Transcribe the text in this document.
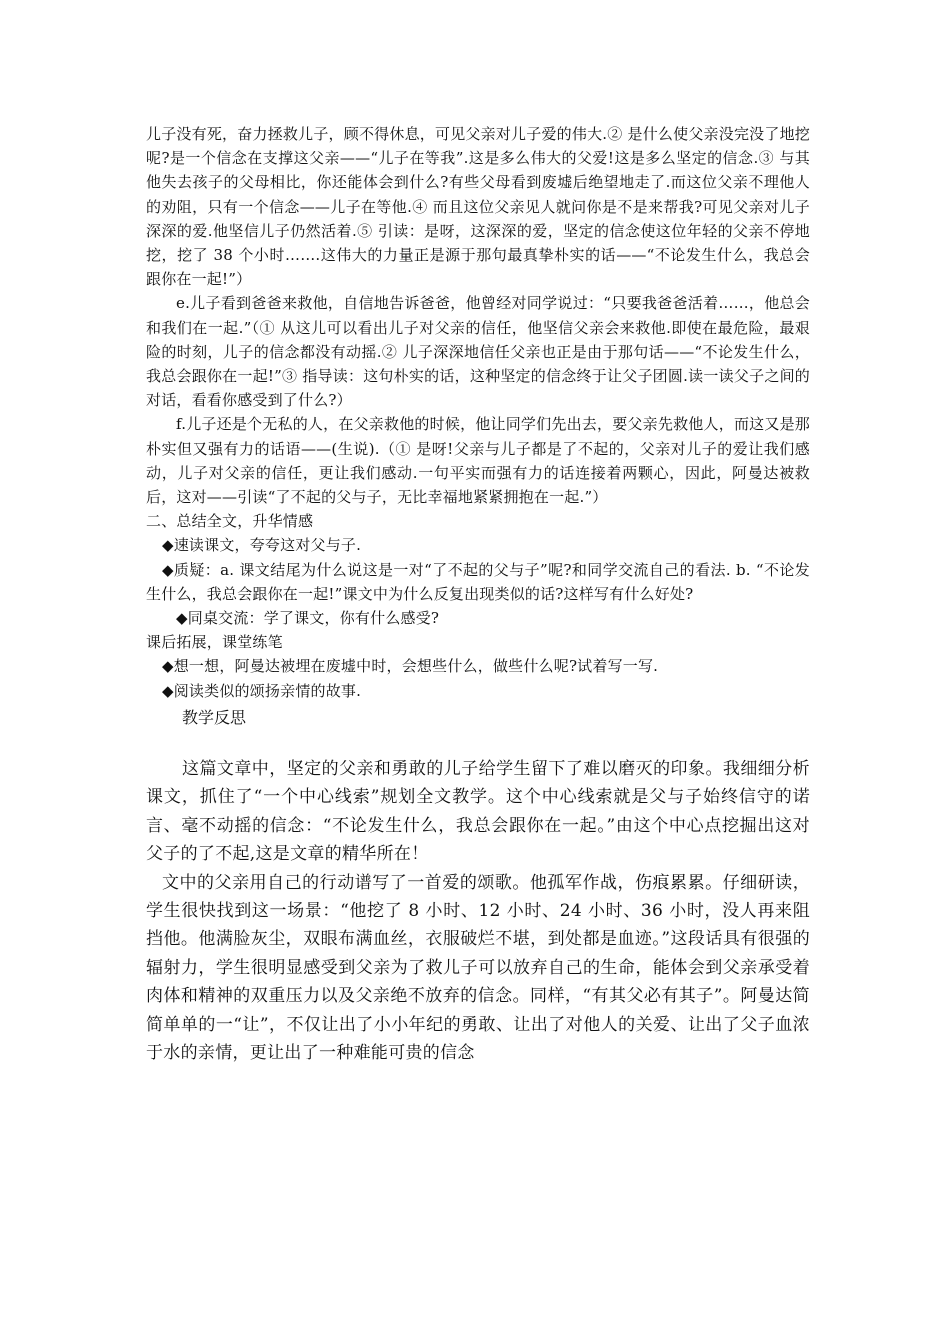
儿子没有死，奋力拯救儿子，顾不得休息，可见父亲对儿子爱的伟大.② 是什么使父亲没完没了地挖呢?是一个信念在支撑这父亲——“儿子在等我”.这是多么伟大的父爱!这是多么坚定的信念.③ 与其他失去孩子的父母相比，你还能体会到什么?有些父母看到废墟后绝望地走了.而这位父亲不理他人的劝阻，只有一个信念——儿子在等他.④ 而且这位父亲见人就问你是不是来帮我?可见父亲对儿子深深的爱.他坚信儿子仍然活着.⑤ 引读：是呀，这深深的爱，坚定的信念使这位年轻的父亲不停地挖，挖了 38 个小时…….这伟大的力量正是源于那句最真挚朴实的话——“不论发生什么，我总会跟你在一起!”）

e.儿子看到爸爸来救他，自信地告诉爸爸，他曾经对同学说过：“只要我爸爸活着……，他总会和我们在一起.”（① 从这儿可以看出儿子对父亲的信任，他坚信父亲会来救他.即使在最危险，最艰险的时刻，儿子的信念都没有动摇.② 儿子深深地信任父亲也正是由于那句话——“不论发生什么，我总会跟你在一起!”③ 指导读：这句朴实的话，这种坚定的信念终于让父子团圆.读一读父子之间的对话，看看你感受到了什么?）

f.儿子还是个无私的人，在父亲救他的时候，他让同学们先出去，要父亲先救他人，而这又是那朴实但又强有力的话语——(生说).（① 是呀!父亲与儿子都是了不起的，父亲对儿子的爱让我们感动，儿子对父亲的信任，更让我们感动.一句平实而强有力的话连接着两颗心，因此，阿曼达被救后，这对——引读“了不起的父与子，无比幸福地紧紧拥抱在一起.”）

二、总结全文，升华情感

◆速读课文，夸夸这对父与子.

◆质疑：a. 课文结尾为什么说这是一对“了不起的父与子”呢?和同学交流自己的看法. b. “不论发生什么，我总会跟你在一起!”课文中为什么反复出现类似的话?这样写有什么好处?

◆同桌交流：学了课文，你有什么感受?

课后拓展，课堂练笔

◆想一想，阿曼达被埋在废墟中时，会想些什么，做些什么呢?试着写一写.

◆阅读类似的颂扬亲情的故事.

教学反思

这篇文章中，坚定的父亲和勇敢的儿子给学生留下了难以磨灭的印象。我细细分析课文，抓住了“一个中心线索”规划全文教学。这个中心线索就是父与子始终信守的诺言、毫不动摇的信念：“不论发生什么，我总会跟你在一起。”由这个中心点挖掘出这对父子的了不起,这是文章的精华所在！

文中的父亲用自己的行动谱写了一首爱的颂歌。他孤军作战，伤痕累累。仔细研读，学生很快找到这一场景：“他挖了 8 小时、12 小时、24 小时、36 小时，没人再来阻挡他。他满脸灰尘，双眼布满血丝，衣服破烂不堪，到处都是血迹。”这段话具有很强的辐射力，学生很明显感受到父亲为了救儿子可以放弃自己的生命，能体会到父亲承受着肉体和精神的双重压力以及父亲绝不放弃的信念。同样，“有其父必有其子”。阿曼达简简单单的一“让”，不仅让出了小小年纪的勇敢、让出了对他人的关爱、让出了父子血浓于水的亲情，更让出了一种难能可贵的信念
